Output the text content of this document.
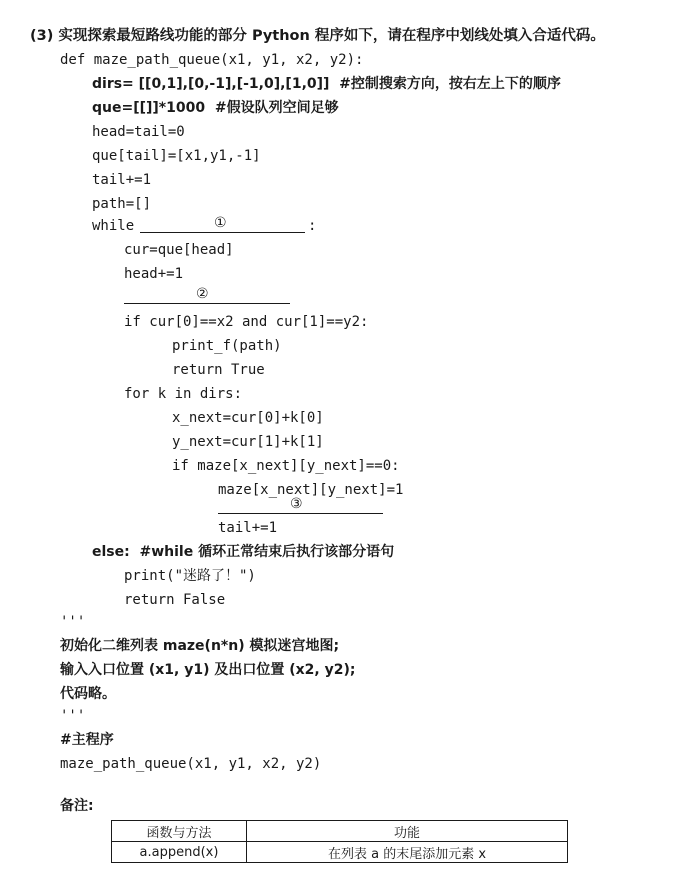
(3) 实现探索最短路线功能的部分 Python 程序如下，请在程序中划线处填入合适代码。
def maze_path_queue(x1, y1, x2, y2):
dirs= [[0,1],[0,-1],[-1,0],[1,0]]  #控制搜索方向，按右左上下的顺序
que=[[]]*1000  #假设队列空间足够
head=tail=0
que[tail]=[x1,y1,-1]
tail+=1
path=[]
while	①	:
cur=que[head]
head+=1
②
if cur[0]==x2 and cur[1]==y2:
print_f(path)
return True
for k in dirs:
x_next=cur[0]+k[0]
y_next=cur[1]+k[1]
if maze[x_next][y_next]==0:
maze[x_next][y_next]=1
③
tail+=1
else:  #while 循环正常结束后执行该部分语句
print("迷路了！")
return False
'''
初始化二维列表 maze(n*n) 模拟迷宫地图;
输入入口位置 (x1, y1) 及出口位置 (x2, y2);
代码略。
'''
#主程序
maze_path_queue(x1, y1, x2, y2)
备注:
函数与方法	功能
a.append(x)	在列表 a 的末尾添加元素 x
